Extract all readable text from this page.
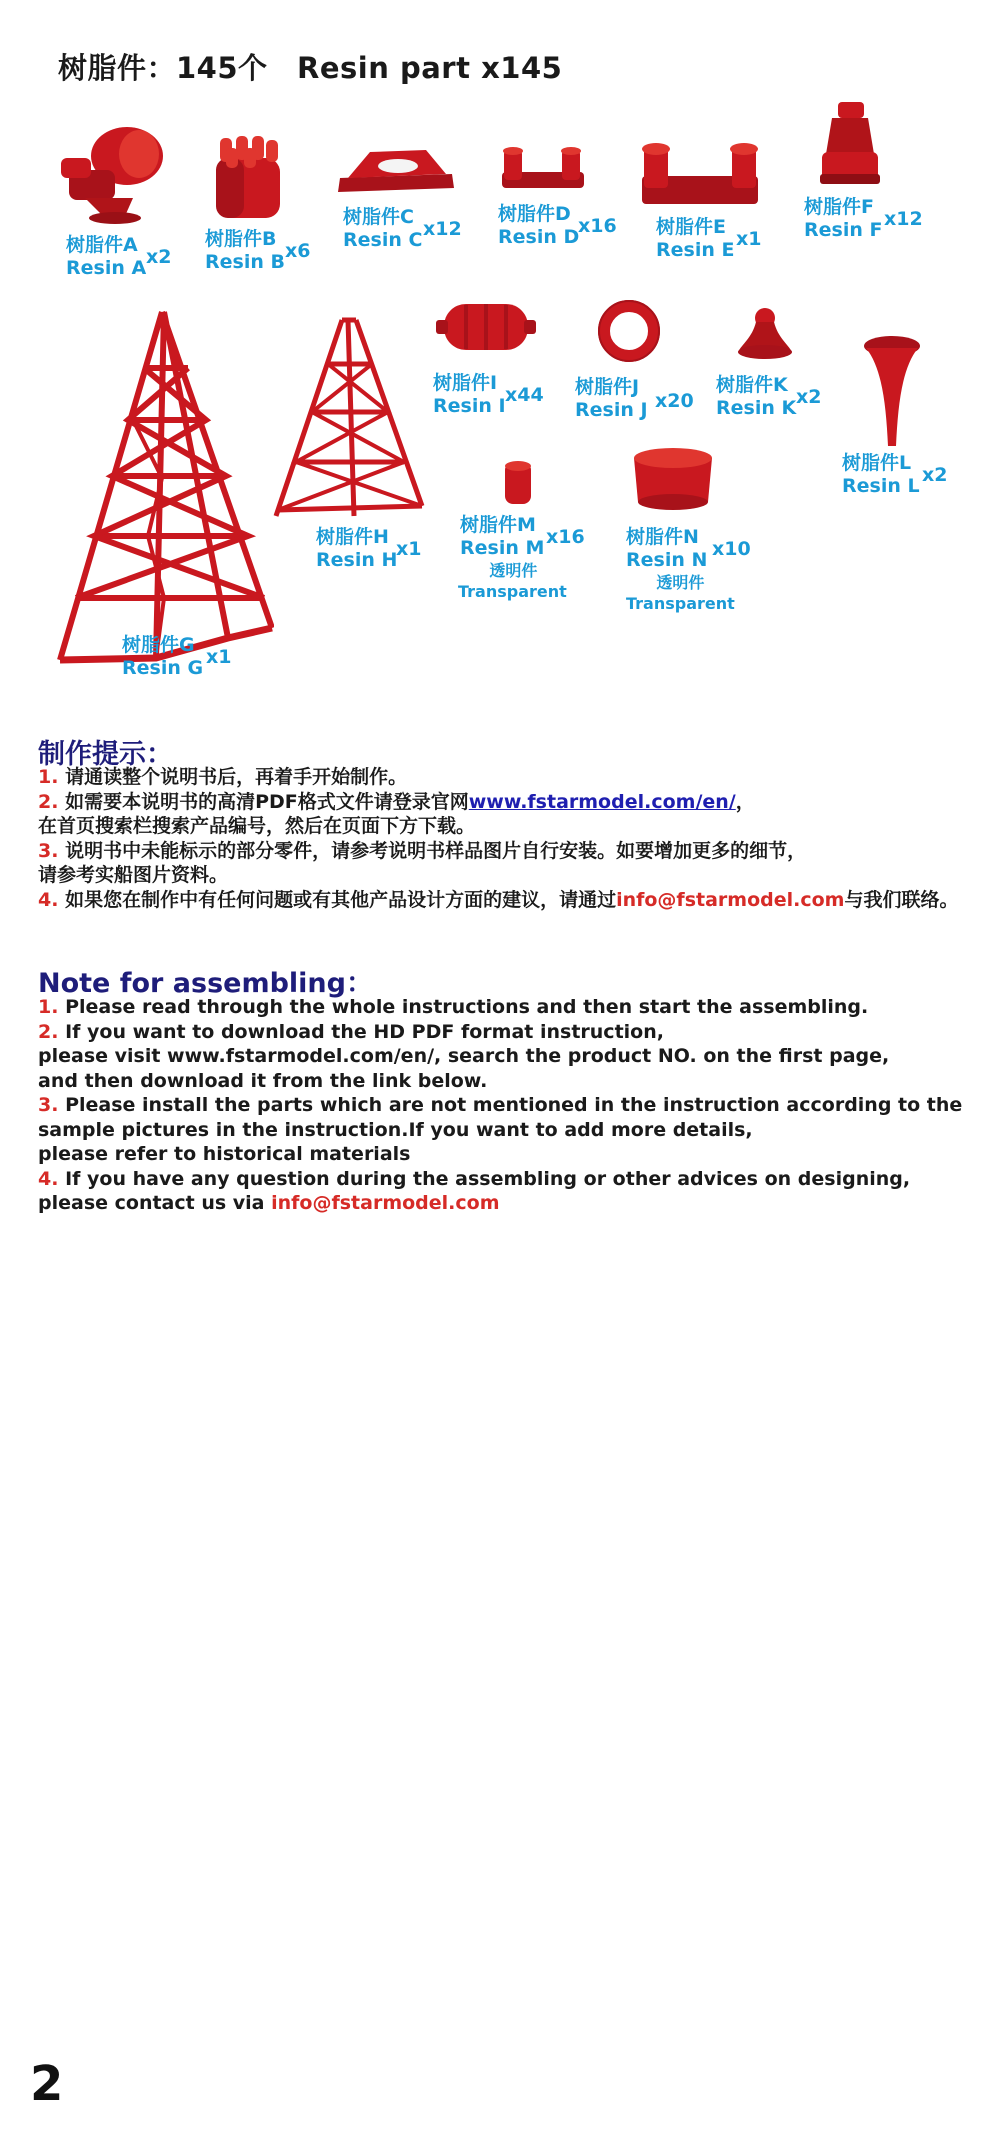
树脂件：145个　Resin part x145
树脂件A
Resin A x2
树脂件B
Resin B x6
树脂件C
Resin C x12
树脂件D
Resin D
x16 树脂件E
Resin E x1
树脂件F
Resin F x12
树脂件G
Resin G x1
树脂件H
Resin H
x1
树脂件I
Resin I x44 树脂件J
Resin J x20
树脂件K
Resin K x2
树脂件L
Resin L x2
树脂件M
Resin M x16
透明件
Transparent
树脂件N
Resin N x10
透明件
Transparent
制作提示：
1. 请通读整个说明书后，再着手开始制作。
2. 如需要本说明书的高清PDF格式文件请登录官网www.fstarmodel.com/en/，
在首页搜索栏搜索产品编号，然后在页面下方下载。
3. 说明书中未能标示的部分零件，请参考说明书样品图片自行安装。如要增加更多的细节，
请参考实船图片资料。
4. 如果您在制作中有任何问题或有其他产品设计方面的建议，请通过info@fstarmodel.com与我们联络。
Note for assembling：
1. Please read through the whole instructions and then start the assembling.
2. If you want to download the HD PDF format instruction,
please visit www.fstarmodel.com/en/, search the product NO. on the first page,
and then download it from the link below.
3. Please install the parts which are not mentioned in the instruction according to the
sample pictures in the instruction.If you want to add more details,
please refer to historical materials
4. If you have any question during the assembling or other advices on designing,
please contact us via info@fstarmodel.com
2
